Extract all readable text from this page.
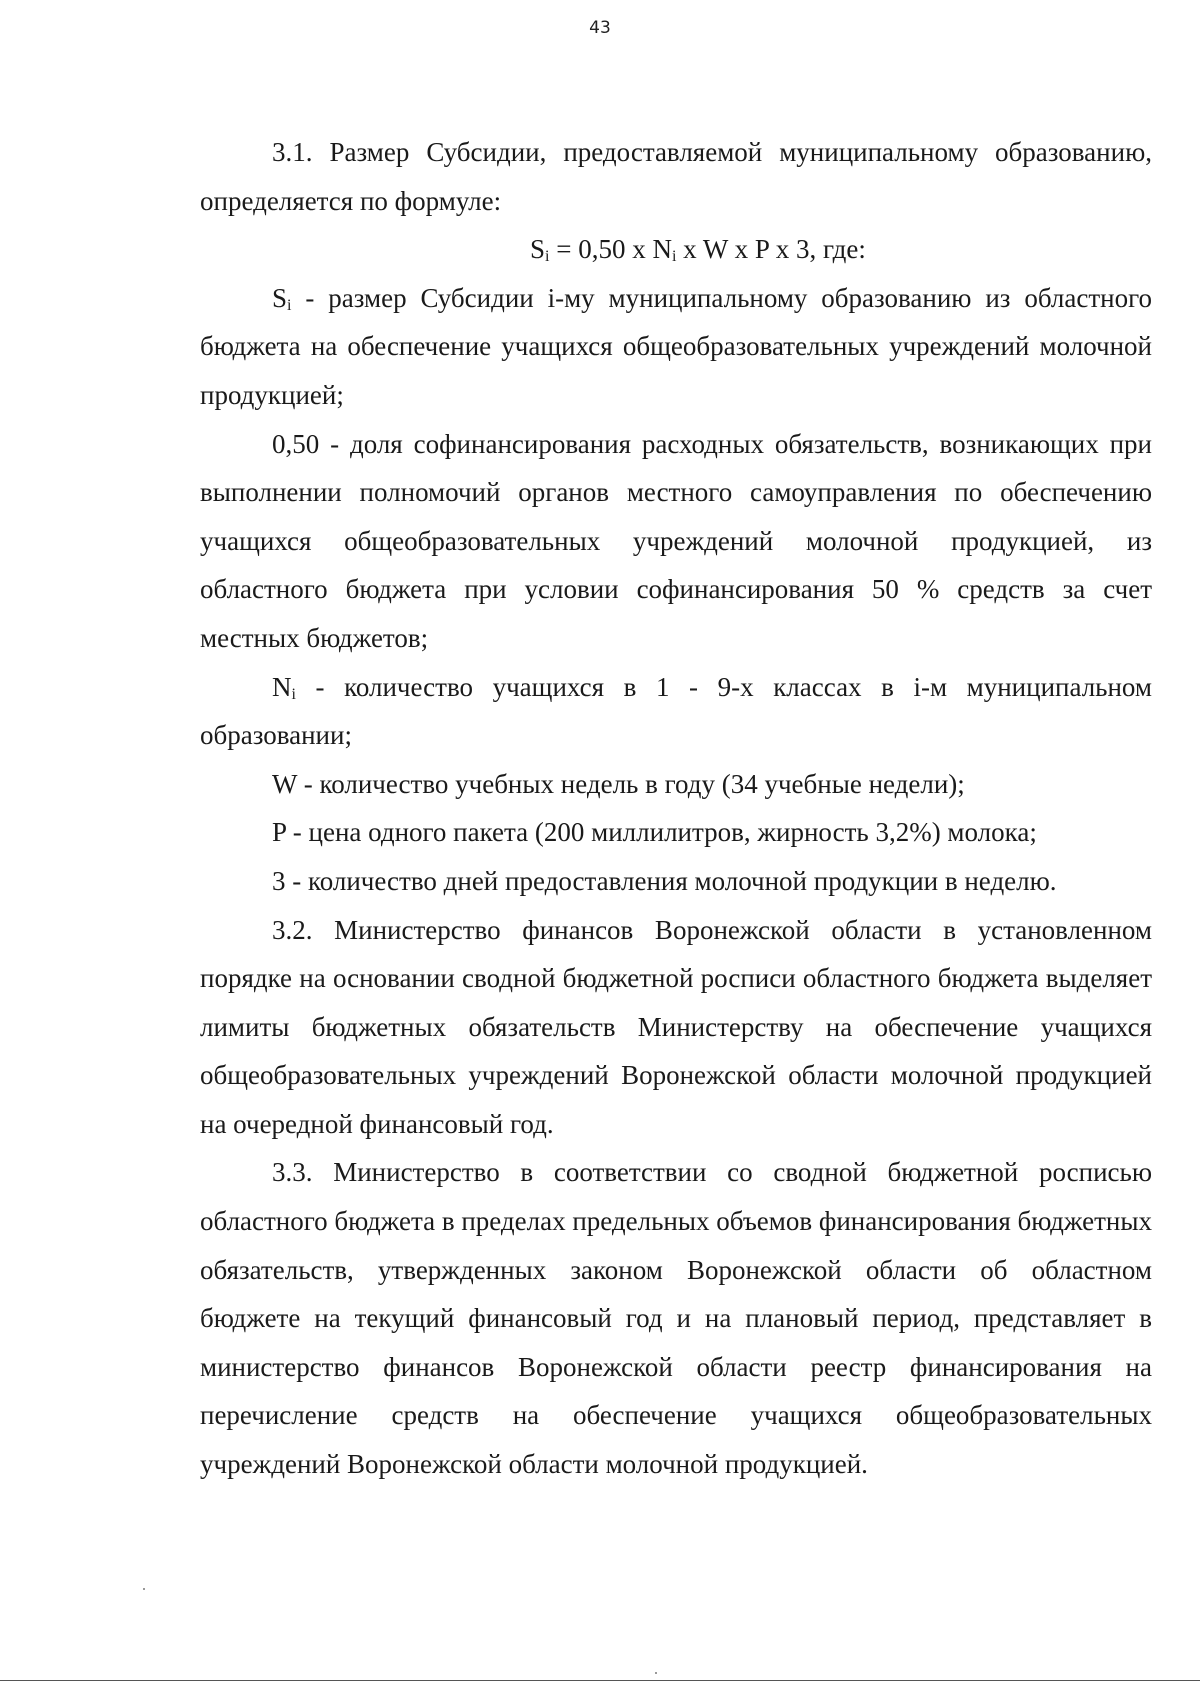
43

3.1. Размер Субсидии, предоставляемой муниципальному образованию, определяется по формуле:

$S_i = 0,50$ x $N_i$ x W x P x 3, где:

$S_i$ - размер Субсидии i-му муниципальному образованию из областного бюджета на обеспечение учащихся общеобразовательных учреждений молочной продукцией;

0,50 - доля софинансирования расходных обязательств, возникающих при выполнении полномочий органов местного самоуправления по обеспечению учащихся общеобразовательных учреждений молочной продукцией, из областного бюджета при условии софинансирования 50 % средств за счет местных бюджетов;

$N_i$ - количество учащихся в 1 - 9-х классах в i-м муниципальном образовании;

W - количество учебных недель в году (34 учебные недели);

P - цена одного пакета (200 миллилитров, жирность 3,2%) молока;

3 - количество дней предоставления молочной продукции в неделю.

3.2. Министерство финансов Воронежской области в установленном порядке на основании сводной бюджетной росписи областного бюджета выделяет лимиты бюджетных обязательств Министерству на обеспечение учащихся общеобразовательных учреждений Воронежской области молочной продукцией на очередной финансовый год.

3.3. Министерство в соответствии со сводной бюджетной росписью областного бюджета в пределах предельных объемов финансирования бюджетных обязательств, утвержденных законом Воронежской области об областном бюджете на текущий финансовый год и на плановый период, представляет в министерство финансов Воронежской области реестр финансирования на перечисление средств на обеспечение учащихся общеобразовательных учреждений Воронежской области молочной продукцией.
